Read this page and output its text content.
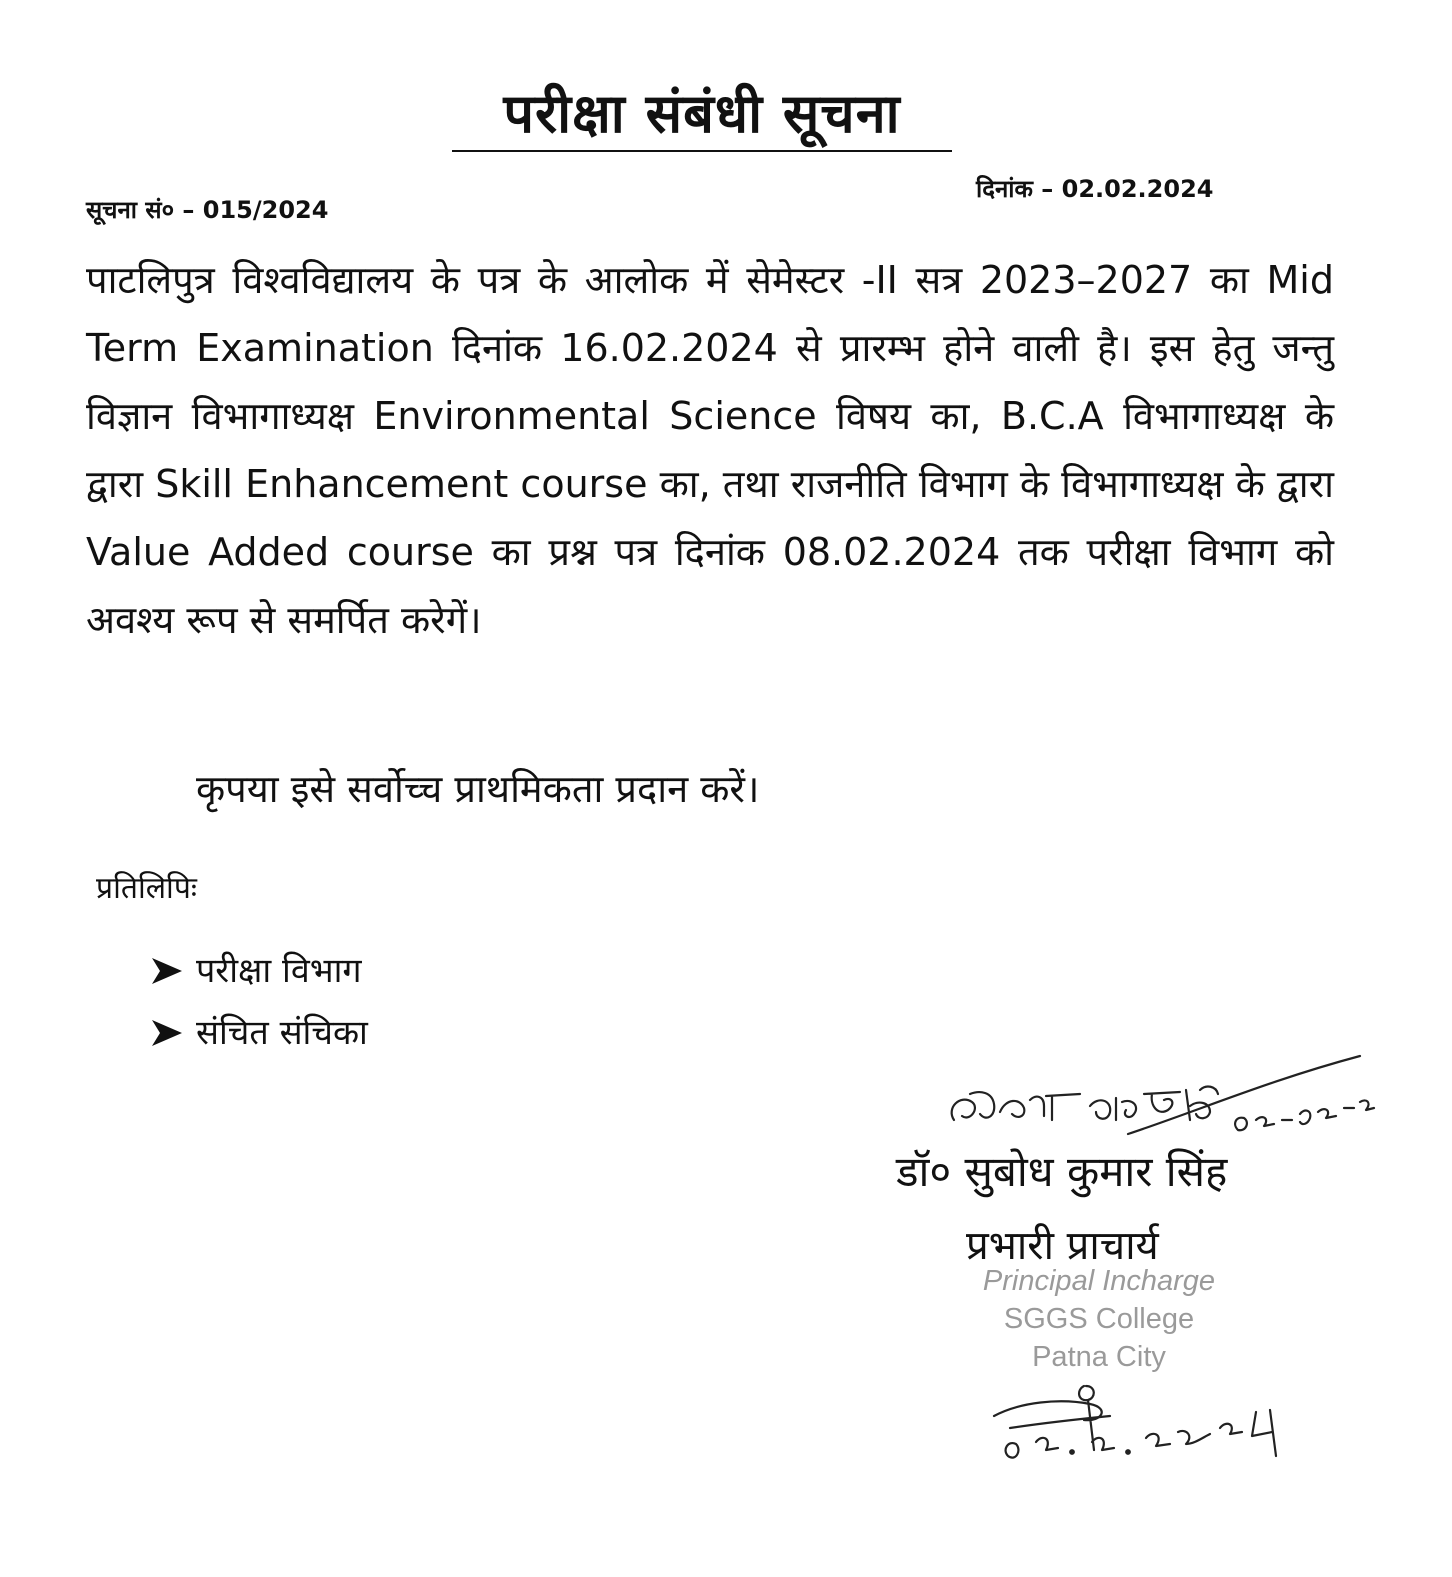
परीक्षा संबंधी सूचना
सूचना सं० – 015/2024
दिनांक – 02.02.2024

पाटलिपुत्र विश्वविद्यालय के पत्र के आलोक में सेमेस्टर -II सत्र 2023–2027 का Mid Term Examination दिनांक 16.02.2024 से प्रारम्भ होने वाली है। इस हेतु जन्तु विज्ञान विभागाध्यक्ष Environmental Science विषय का, B.C.A विभागाध्यक्ष के द्वारा Skill Enhancement course का, तथा राजनीति विभाग के विभागाध्यक्ष के द्वारा Value Added course का प्रश्न पत्र दिनांक 08.02.2024 तक परीक्षा विभाग को अवश्य रूप से समर्पित करेगें।

कृपया इसे सर्वोच्च प्राथमिकता प्रदान करें।

प्रतिलिपिः
परीक्षा विभाग
संचित संचिका
डॉ० सुबोध कुमार सिंह
प्रभारी प्राचार्य
Principal Incharge
SGGS College
Patna City
